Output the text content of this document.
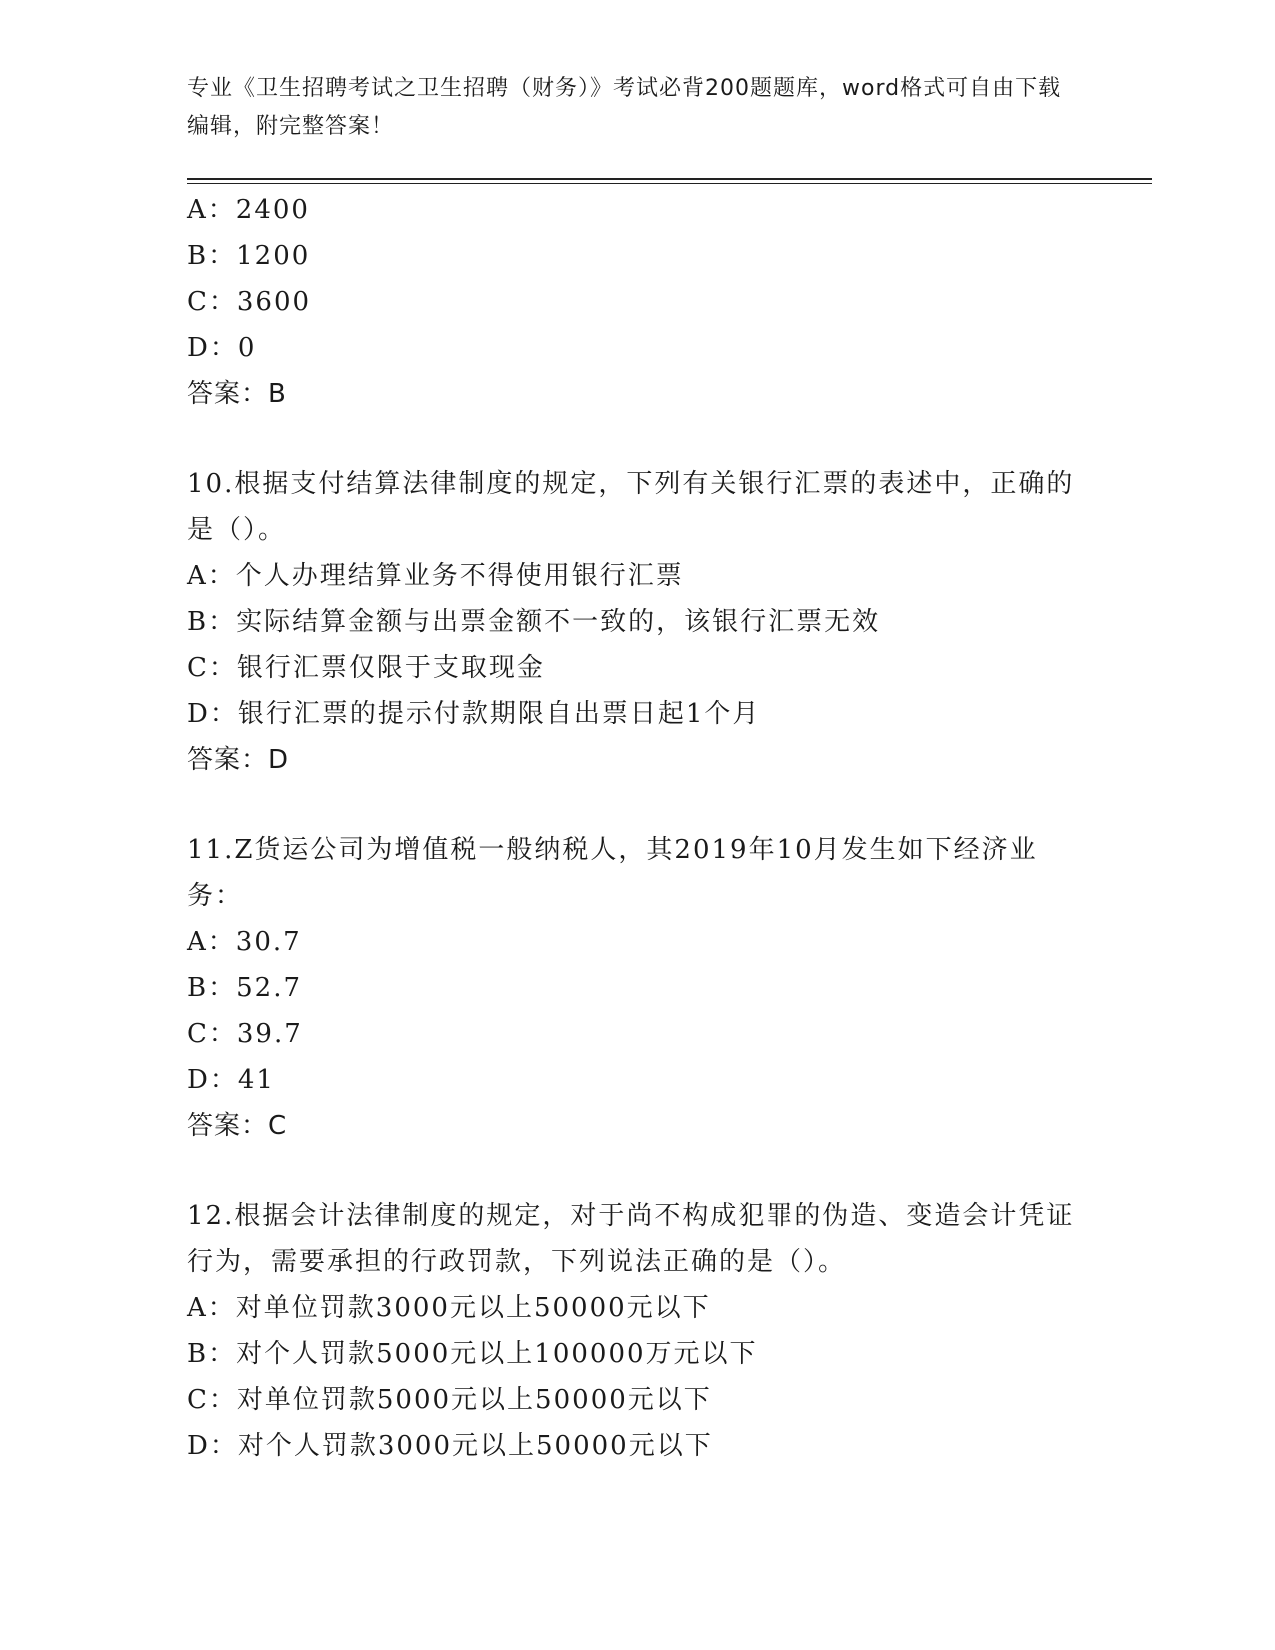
专业《卫生招聘考试之卫生招聘（财务）》考试必背200题题库，word格式可自由下载编辑，附完整答案！
A：2400
B：1200
C：3600
D：0
答案：B
10.根据支付结算法律制度的规定，下列有关银行汇票的表述中，正确的是（）。
A：个人办理结算业务不得使用银行汇票
B：实际结算金额与出票金额不一致的，该银行汇票无效
C：银行汇票仅限于支取现金
D：银行汇票的提示付款期限自出票日起1个月
答案：D
11.Z货运公司为增值税一般纳税人，其2019年10月发生如下经济业务：
A：30.7
B：52.7
C：39.7
D：41
答案：C
12.根据会计法律制度的规定，对于尚不构成犯罪的伪造、变造会计凭证行为，需要承担的行政罚款，下列说法正确的是（）。
A：对单位罚款3000元以上50000元以下
B：对个人罚款5000元以上100000万元以下
C：对单位罚款5000元以上50000元以下
D：对个人罚款3000元以上50000元以下
